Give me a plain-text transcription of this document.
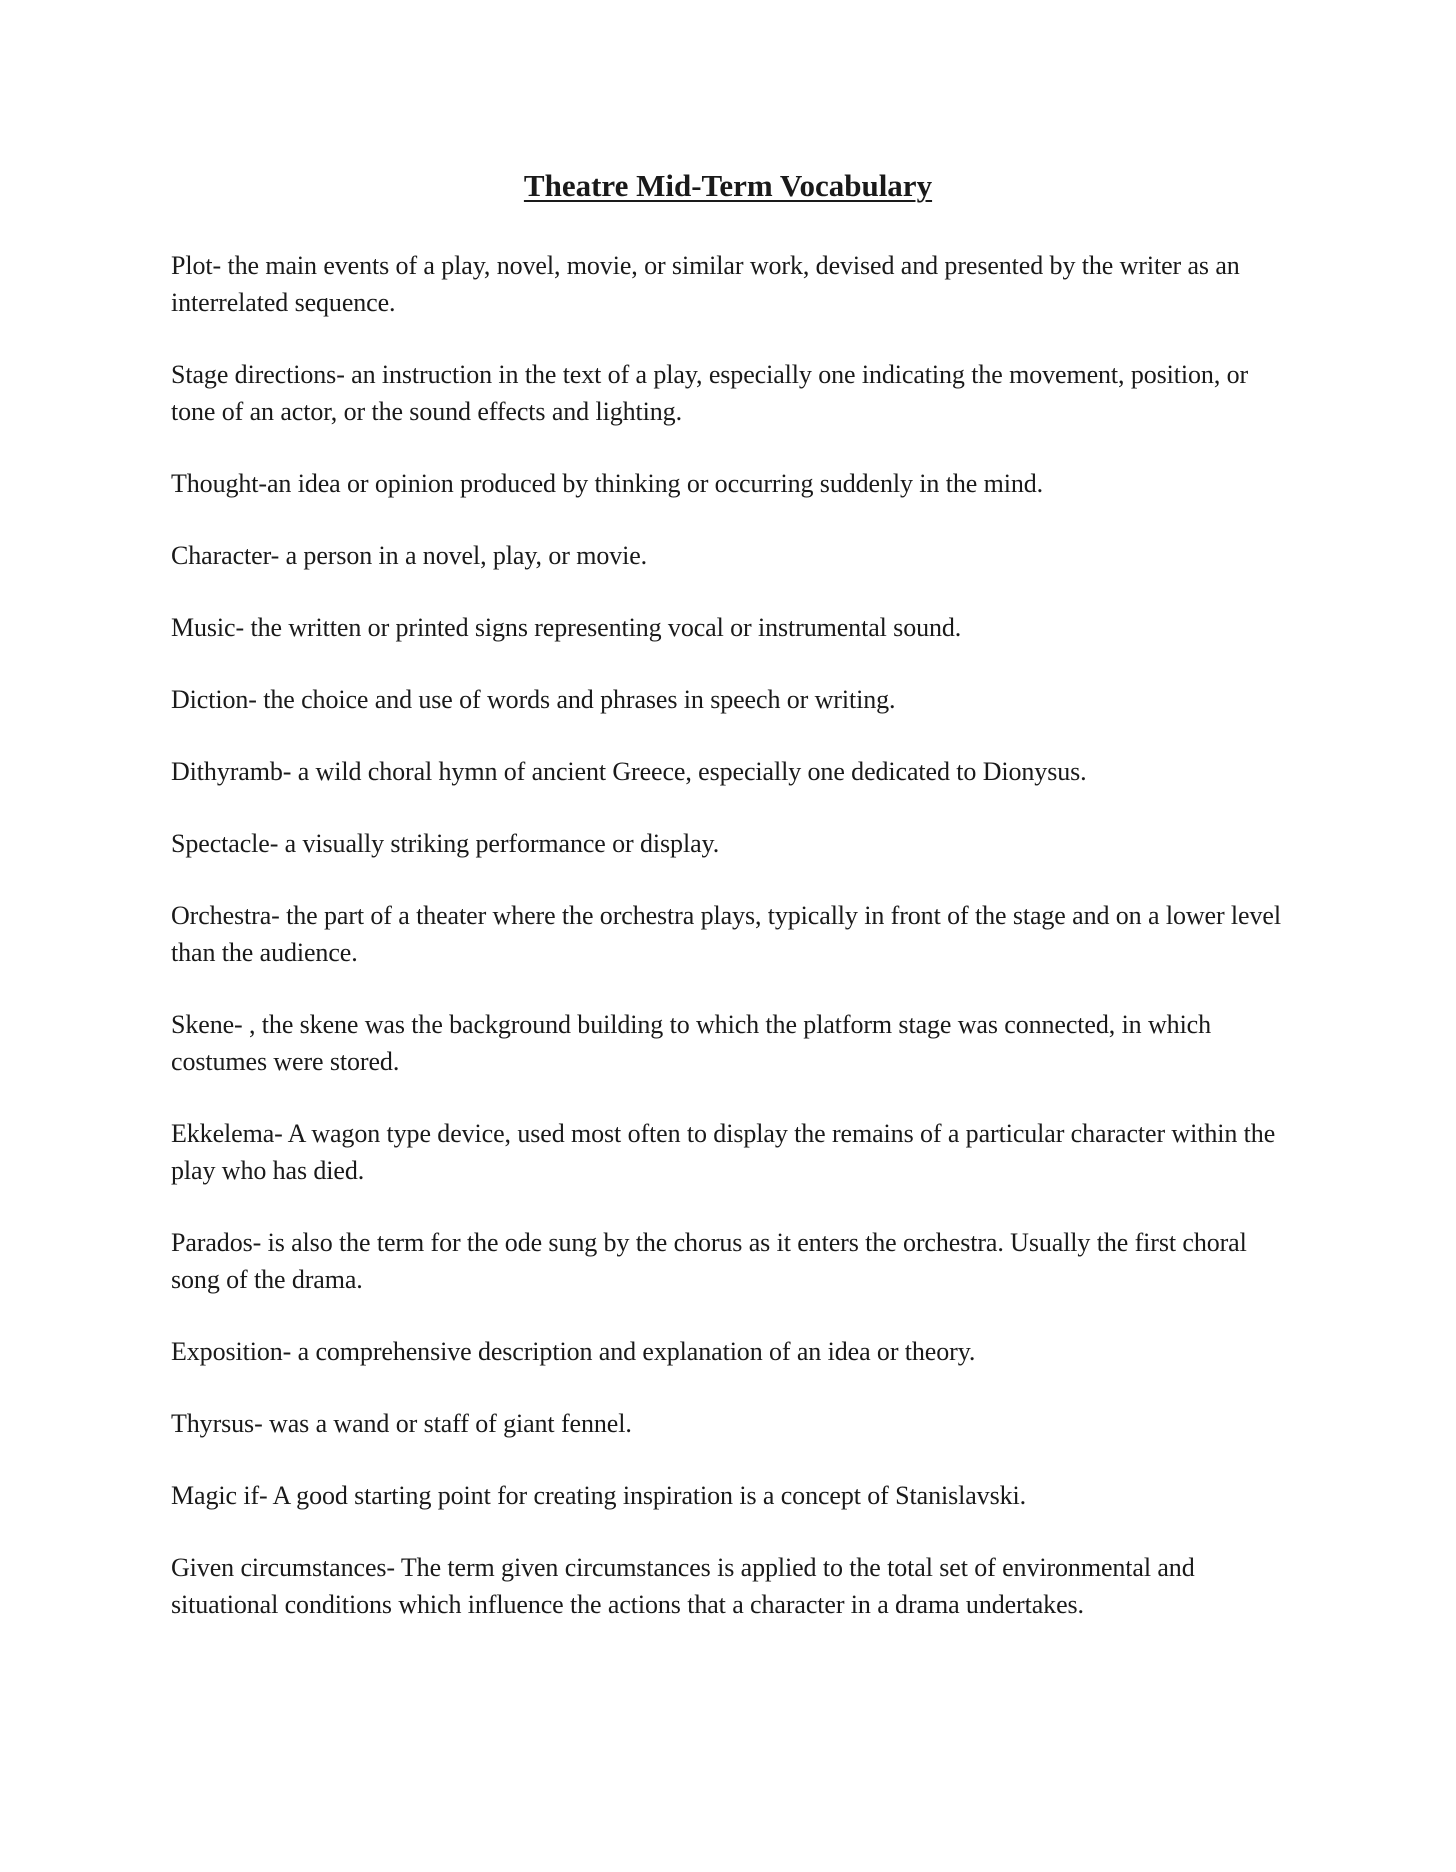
Theatre Mid-Term Vocabulary
Plot- the main events of a play, novel, movie, or similar work, devised and presented by the writer as an interrelated sequence.
Stage directions- an instruction in the text of a play, especially one indicating the movement, position, or tone of an actor, or the sound effects and lighting.
Thought-an idea or opinion produced by thinking or occurring suddenly in the mind.
Character- a person in a novel, play, or movie.
Music- the written or printed signs representing vocal or instrumental sound.
Diction- the choice and use of words and phrases in speech or writing.
Dithyramb- a wild choral hymn of ancient Greece, especially one dedicated to Dionysus.
Spectacle- a visually striking performance or display.
Orchestra- the part of a theater where the orchestra plays, typically in front of the stage and on a lower level than the audience.
Skene- , the skene was the background building to which the platform stage was connected, in which costumes were stored.
Ekkelema- A wagon type device, used most often to display the remains of a particular character within the play who has died.
Parados- is also the term for the ode sung by the chorus as it enters the orchestra. Usually the first choral song of the drama.
Exposition- a comprehensive description and explanation of an idea or theory.
Thyrsus- was a wand or staff of giant fennel.
Magic if- A good starting point for creating inspiration is a concept of Stanislavski.
Given circumstances- The term given circumstances is applied to the total set of environmental and situational conditions which influence the actions that a character in a drama undertakes.
